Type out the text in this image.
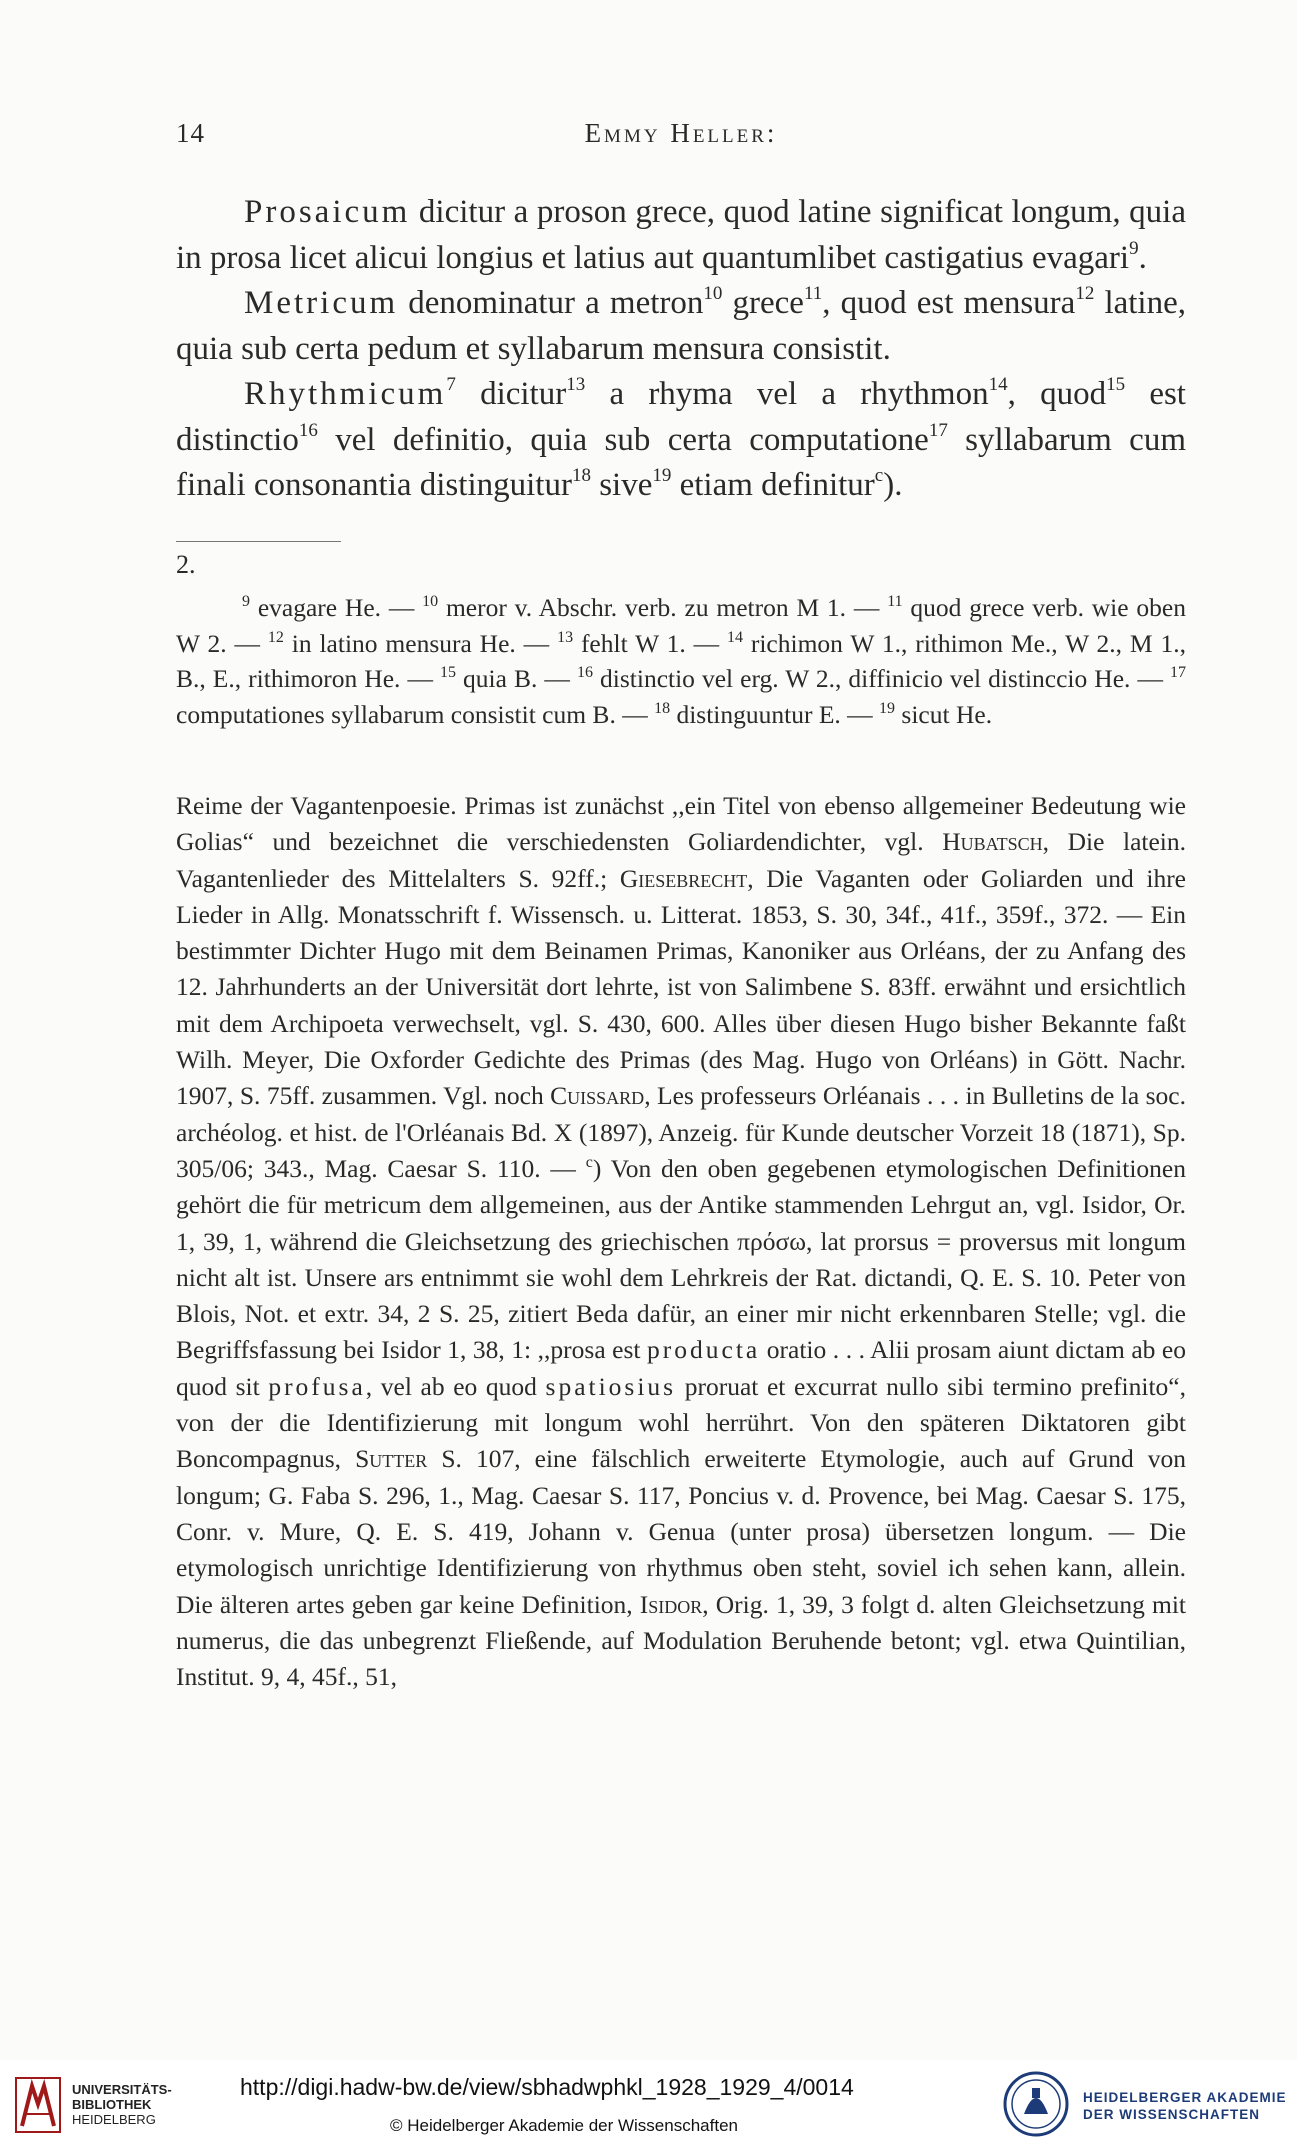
14	Emmy Heller:

Prosaicum dicitur a proson grece, quod latine significat longum, quia in prosa licet alicui longius et latius aut quantumlibet castigatius evagari$^9$.

Metricum denominatur a metron$^{10}$ grece$^{11}$, quod est mensura$^{12}$ latine, quia sub certa pedum et syllabarum mensura consistit.

Rhythmicum$^7$ dicitur$^{13}$ a rhyma vel a rhythmon$^{14}$, quod$^{15}$ est distinctio$^{16}$ vel definitio, quia sub certa computatione$^{17}$ syllabarum cum finali consonantia distinguitur$^{18}$ sive$^{19}$ etiam definitur$^c$).

2.

$^9$ evagare He. — $^{10}$ meror v. Abschr. verb. zu metron M 1. — $^{11}$ quod grece verb. wie oben W 2. — $^{12}$ in latino mensura He. — $^{13}$ fehlt W 1. — $^{14}$ richimon W 1., rithimon Me., W 2., M 1., B., E., rithimoron He. — $^{15}$ quia B. — $^{16}$ distinctio vel erg. W 2., diffinicio vel distinccio He. — $^{17}$ computationes syllabarum consistit cum B. — $^{18}$ distinguuntur E. — $^{19}$ sicut He.

Reime der Vagantenpoesie. Primas ist zunächst ,,ein Titel von ebenso allgemeiner Bedeutung wie Golias“ und bezeichnet die verschiedensten Goliardendichter, vgl. Hubatsch, Die latein. Vagantenlieder des Mittelalters S. 92ff.; Giesebrecht, Die Vaganten oder Goliarden und ihre Lieder in Allg. Monatsschrift f. Wissensch. u. Litterat. 1853, S. 30, 34f., 41f., 359f., 372. — Ein bestimmter Dichter Hugo mit dem Beinamen Primas, Kanoniker aus Orléans, der zu Anfang des 12. Jahrhunderts an der Universität dort lehrte, ist von Salimbene S. 83ff. erwähnt und ersichtlich mit dem Archipoeta verwechselt, vgl. S. 430, 600. Alles über diesen Hugo bisher Bekannte faßt Wilh. Meyer, Die Oxforder Gedichte des Primas (des Mag. Hugo von Orléans) in Gött. Nachr. 1907, S. 75ff. zusammen. Vgl. noch Cuissard, Les professeurs Orléanais . . . in Bulletins de la soc. archéolog. et hist. de l'Orléanais Bd. X (1897), Anzeig. für Kunde deutscher Vorzeit 18 (1871), Sp. 305/06; 343., Mag. Caesar S. 110. — $^c$) Von den oben gegebenen etymologischen Definitionen gehört die für metricum dem allgemeinen, aus der Antike stammenden Lehrgut an, vgl. Isidor, Or. 1, 39, 1, während die Gleichsetzung des griechischen πρόσω, lat prorsus = proversus mit longum nicht alt ist. Unsere ars entnimmt sie wohl dem Lehrkreis der Rat. dictandi, Q. E. S. 10. Peter von Blois, Not. et extr. 34, 2 S. 25, zitiert Beda dafür, an einer mir nicht erkennbaren Stelle; vgl. die Begriffsfassung bei Isidor 1, 38, 1: ,,prosa est producta oratio . . . Alii prosam aiunt dictam ab eo quod sit profusa, vel ab eo quod spatiosius proruat et excurrat nullo sibi termino prefinito“, von der die Identifizierung mit longum wohl herrührt. Von den späteren Diktatoren gibt Boncompagnus, Sutter S. 107, eine fälschlich erweiterte Etymologie, auch auf Grund von longum; G. Faba S. 296, 1., Mag. Caesar S. 117, Poncius v. d. Provence, bei Mag. Caesar S. 175, Conr. v. Mure, Q. E. S. 419, Johann v. Genua (unter prosa) übersetzen longum. — Die etymologisch unrichtige Identifizierung von rhythmus oben steht, soviel ich sehen kann, allein. Die älteren artes geben gar keine Definition, Isidor, Orig. 1, 39, 3 folgt d. alten Gleichsetzung mit numerus, die das unbegrenzt Fließende, auf Modulation Beruhende betont; vgl. etwa Quintilian, Institut. 9, 4, 45f., 51,

UNIVERSITÄTS-
BIBLIOTHEK
HEIDELBERG
http://digi.hadw-bw.de/view/sbhadwphkl_1928_1929_4/0014
© Heidelberger Akademie der Wissenschaften
HEIDELBERGER AKADEMIE
DER WISSENSCHAFTEN
